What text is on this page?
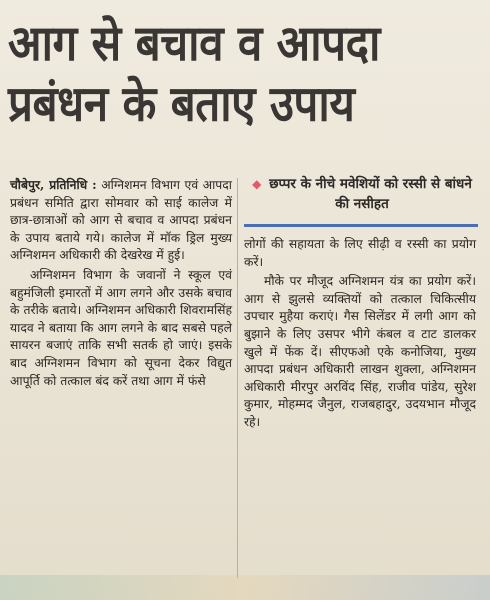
आग से बचाव व आपदा
प्रबंधन के बताए उपाय

चौबेपुर, प्रतिनिधि : अग्निशमन विभाग एवं आपदा प्रबंधन समिति द्वारा सोमवार को साई कालेज में छात्र-छात्राओं को आग से बचाव व आपदा प्रबंधन के उपाय बताये गये। कालेज में मॉक ड्रिल मुख्य अग्निशमन अधिकारी की देखरेख में हुई।

अग्निशमन विभाग के जवानों ने स्कूल एवं बहुमंजिली इमारतों में आग लगने और उसके बचाव के तरीके बताये। अग्निशमन अधिकारी शिवरामसिंह यादव ने बताया कि आग लगने के बाद सबसे पहले सायरन बजाएं ताकि सभी सतर्क हो जाएं। इसके बाद अग्निशमन विभाग को सूचना देकर विद्युत आपूर्ति को तत्काल बंद करें तथा आग में फंसे

◆ छप्पर के नीचे मवेशियों को रस्सी से बांधने की नसीहत

लोगों की सहायता के लिए सीढ़ी व रस्सी का प्रयोग करें।

मौके पर मौजूद अग्निशमन यंत्र का प्रयोग करें। आग से झुलसे व्यक्तियों को तत्काल चिकित्सीय उपचार मुहैया कराएं। गैस सिलेंडर में लगी आग को बुझाने के लिए उसपर भीगे कंबल व टाट डालकर खुले में फेंक दें। सीएफओ एके कनोजिया, मुख्य आपदा प्रबंधन अधिकारी लाखन शुक्ला, अग्निशमन अधिकारी मीरपुर अरविंद सिंह, राजीव पांडेय, सुरेश कुमार, मोहम्मद जैनुल, राजबहादुर, उदयभान मौजूद रहे।
